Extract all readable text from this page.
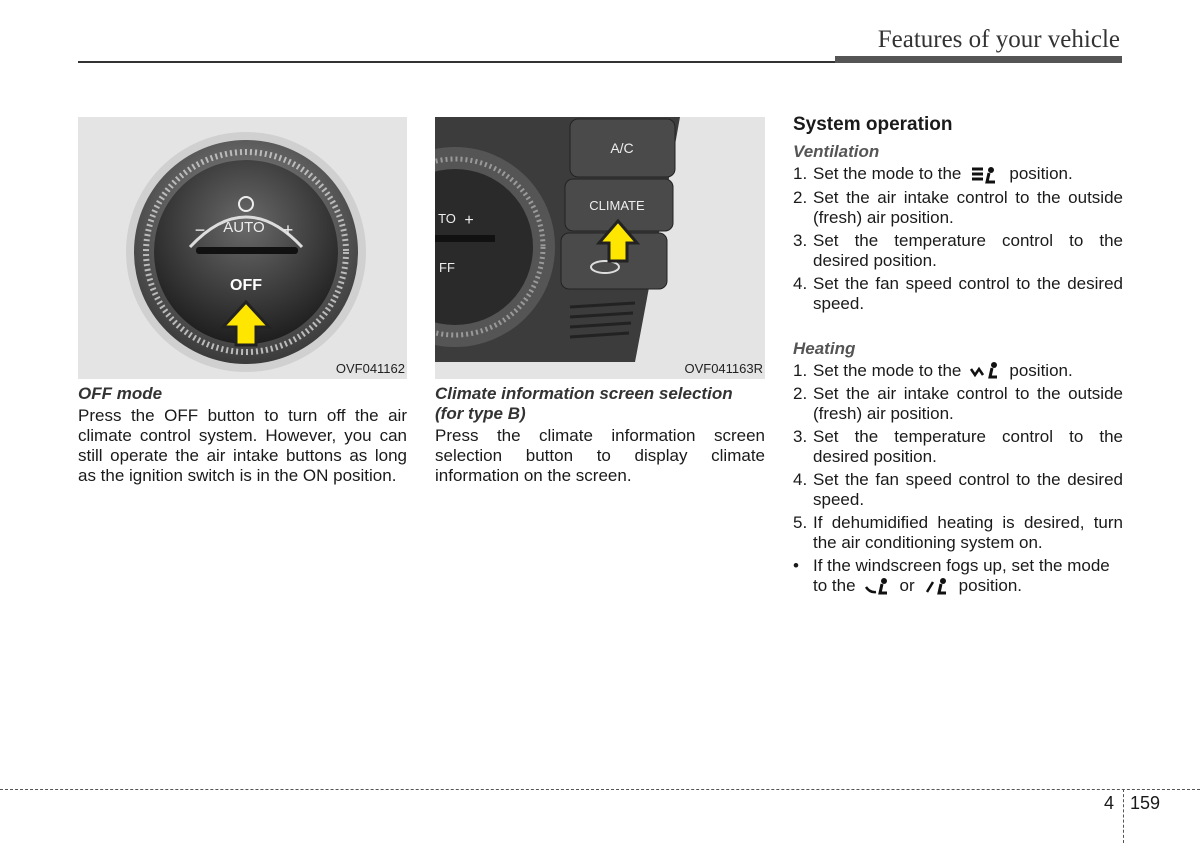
Features of your vehicle
AUTO
−	+
OFF
OVF041162
OFF mode
Press the OFF button to turn off the air climate control system. However, you can still operate the air intake buttons as long as the ignition switch is in the ON position.
TO +
FF
A/C
CLIMATE
OVF041163R
Climate information screen selection (for type B)
Press the climate information screen selection button to display climate information on the screen.
System operation
Ventilation
1. Set the mode to the	position.
2. Set the air intake control to the outside (fresh) air position.
3. Set the temperature control to the desired position.
4. Set the fan speed control to the desired speed.
Heating
1. Set the mode to the	position.
2. Set the air intake control to the outside (fresh) air position.
3. Set the temperature control to the desired position.
4. Set the fan speed control to the desired speed.
5. If dehumidified heating is desired, turn the air conditioning system on.
• If the windscreen fogs up, set the mode to the	or	position.
4 159
